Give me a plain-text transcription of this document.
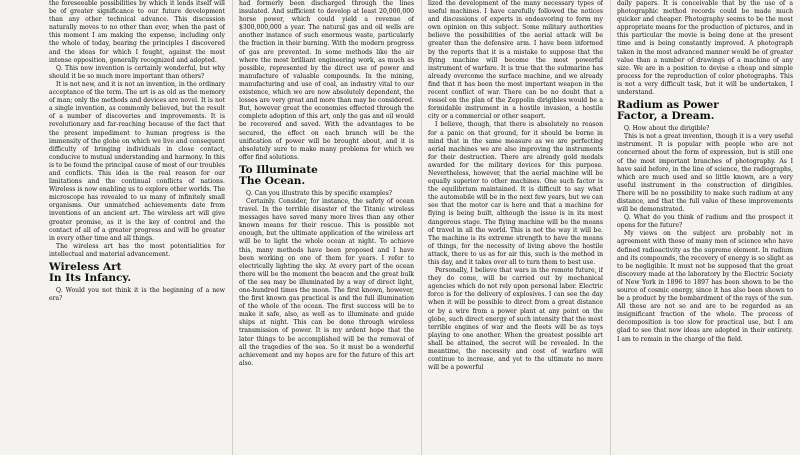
the foreseeable possibilities by which it lends itself will be of greater significance to our future development than any other technical advance. This discussion naturally moves to no other than ever, when the past of this moment I am making the expense, including only the whole of today, bearing the principles I discovered and the ideas for which I fought, against the most intense opposition, generally recognized and adopted.

Q. This new invention is certainly wonderful, but why should it be so much more important than others?

It is not new, and it is not an invention, in the ordinary acceptance of the term. The art is as old as the memory of man; only the methods and devices are novel. It is not a single invention, as commonly believed, but the result of a number of discoveries and improvements. It is revolutionary and far-reaching because of the fact that the present impediment to human progress is the immensity of the globe on which we live and consequent difficulty of bringing individuals in close contact, conducive to mutual understanding and harmony. In this is to be found the principal cause of most of our troubles and conflicts. This idea is the real reason for our limitations and the continual conflicts of nations. Wireless is now enabling us to explore other worlds. The microscope has revealed to us many of infinitely small organisms. Our unmatched achievements date from inventions of an ancient art. The wireless art will give greater promise, as it is the key of control and the contact of all of a greater progress and will be greater in every other time and all things.

The wireless art has the most potentialities for intellectual and material advancement.

Wireless Art
In Its Infancy.

Q. Would you not think it is the beginning of a new era?

had formerly been discharged through the lines insulated. And sufficient to develop at least 20,000,000 horse power, which could yield a revenue of $300,000,000 a year. The natural gas and oil wells are another instance of such enormous waste, particularly the fraction in their burning. With the modern progress of gas are prevented. In some methods like the air where the most brilliant engineering work, as much as possible, represented by the direct use of power and manufacture of valuable compounds. In the mining, manufacturing and use of coal, an industry vital to our existence, which we are now absolutely dependent, the losses are very great and more than may be considered. But, however great the economies effected through the complete adoption of this art, only the gas and oil would be recovered and saved. With the advantages to be secured, the effect on each branch will be the unification of power will be brought about, and it is absolutely sure to make many problems for which we offer find solutions.

To Illuminate
The Ocean.

Q. Can you illustrate this by specific examples?

Certainly. Consider, for instance, the safety of ocean travel. In the terrible disaster of the Titanic wireless messages have saved many more lives than any other known means for their rescue. This is possible not enough, but the ultimate application of the wireless art will be to light the whole ocean at night. To achieve this, many methods have been proposed and I have been working on one of them for years. I refer to electrically lighting the sky. At every part of the ocean there will be the moment the beacon and the great bulk of the sea may be illuminated by a way of direct light, one-hundred times the moon. The first known, however, the first known gas practical is and the full illumination of the whole of the ocean. The first success will be to make it safe, also, as well as to illuminate and guide ships at night. This can be done through wireless transmission of power. It is my ardent hope that the later things to be accomplished will be the removal of all the tragedies of the sea. So it must be a wonderful achievement and my hopes are for the future of this art also.

lized the development of the many necessary types of useful machines. I have carefully followed the notices and discussions of experts in endeavoring to form my own opinion on this subject. Some military authorities believe the possibilities of the aerial attack will be greater than the defensive arm. I have been informed by the reports that it is a mistake to suppose that the flying machine will become the most powerful instrument of warfare. It is true that the submarine has already overcome the surface machine, and we already find that it has been the most important weapon in the recent conflict of war. There can be no doubt that a vessel on the plan of the Zeppelin dirigibles would be a formidable instrument in a hostile invasion, a hostile city or a commercial or other seaport.

I believe, though, that there is absolutely no reason for a panic on that ground, for it should be borne in mind that in the same measure as we are perfecting aerial machines we are also improving the instruments for their destruction. There are already gold medals awarded for the military devices for this purpose. Nevertheless, however, that the aerial machine will be equally superior to other machines. One such factor is the equilibrium maintained. It is difficult to say what the automobile will be in the next few years, but we can see that the motor car is here and that a machine for flying is being built, although the issue is in its most dangerous stage. The flying machine will be the means of travel in all the world. This is not the way it will be. The machine is its extreme strength to have the means of things, for the necessity of living above the hostile attack, there to us as for air this, such is the method in this day, and it takes over all to turn them to best use.

Personally, I believe that wars in the remote future, if they do come, will be carried out by mechanical agencies which do not rely upon personal labor. Electric force is for the delivery of explosives. I can see the day when it will be possible to direct from a great distance or by a wire from a power plant at any point on the globe, such direct energy of such intensity that the most terrible engines of war and the fleets will be as toys playing to one another. When the greatest possible art shall be attained, the secret will be revealed. In the meantime, the necessity and cost of warfare will continue to increase, and yet to the ultimate no more will be a powerful

daily papers. It is conceivable that by the use of a photographic method records could be made much quicker and cheaper. Photography seems to be the most appropriate means for the production of pictures, and in this particular the movie is being done at the present time and is being constantly improved. A photograph taken in the most advanced manner would be of greater value than a number of drawings of a machine of any size. We are in a position to devise a cheap and simple process for the reproduction of color photographs. This is not a very difficult task, but it will be undertaken, I understand.

Radium as Power
Factor, a Dream.

Q. How about the dirigible?

This is not a great invention, though it is a very useful instrument. It is popular with people who are not concerned about the form of expression, but is still one of the most important branches of photography. As I have said before, in the line of science, the radiographs, which are much used and so little known, are a very useful instrument in the construction of dirigibles. There will be no possibility to make such radium at any distance, and that the full value of these improvements will be demonstrated.

Q. What do you think of radium and the prospect it opens for the future?

My views on the subject are probably not in agreement with those of many men of science who have defined radioactivity as the supreme element. In radium and its compounds, the recovery of energy is so slight as to be negligible. It must not be supposed that the great discovery made at the laboratory by the Electric Society of New York in 1896 to 1897 has been shown to be the source of cosmic energy, since it has also been shown to be a product by the bombardment of the rays of the sun. All these are not so and are to be regarded as an insignificant fraction of the whole. The process of decomposition is too slow for practical use, but I am glad to see that new ideas are adopted in their entirety. I am to remain in the charge of the field.
